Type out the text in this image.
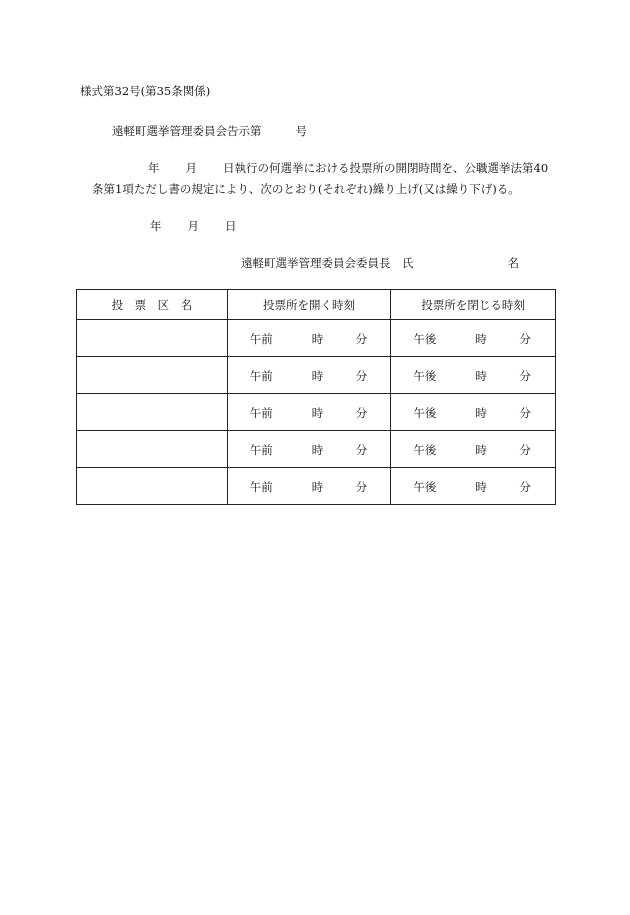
様式第32号(第35条関係)
遠軽町選挙管理委員会告示第	号
年 月 日執行の何選挙における投票所の開閉時間を、公職選挙法第40
条第1項ただし書の規定により、次のとおり(それぞれ)繰り上げ(又は繰り下げ)る。
年 月 日
遠軽町選挙管理委員会委員長　氏	名
投　票　区　名	投票所を開く時刻	投票所を閉じる時刻

	午前 時 分	午後 時 分

	午前 時 分	午後 時 分

	午前 時 分	午後 時 分

	午前 時 分	午後 時 分

	午前 時 分	午後 時 分
